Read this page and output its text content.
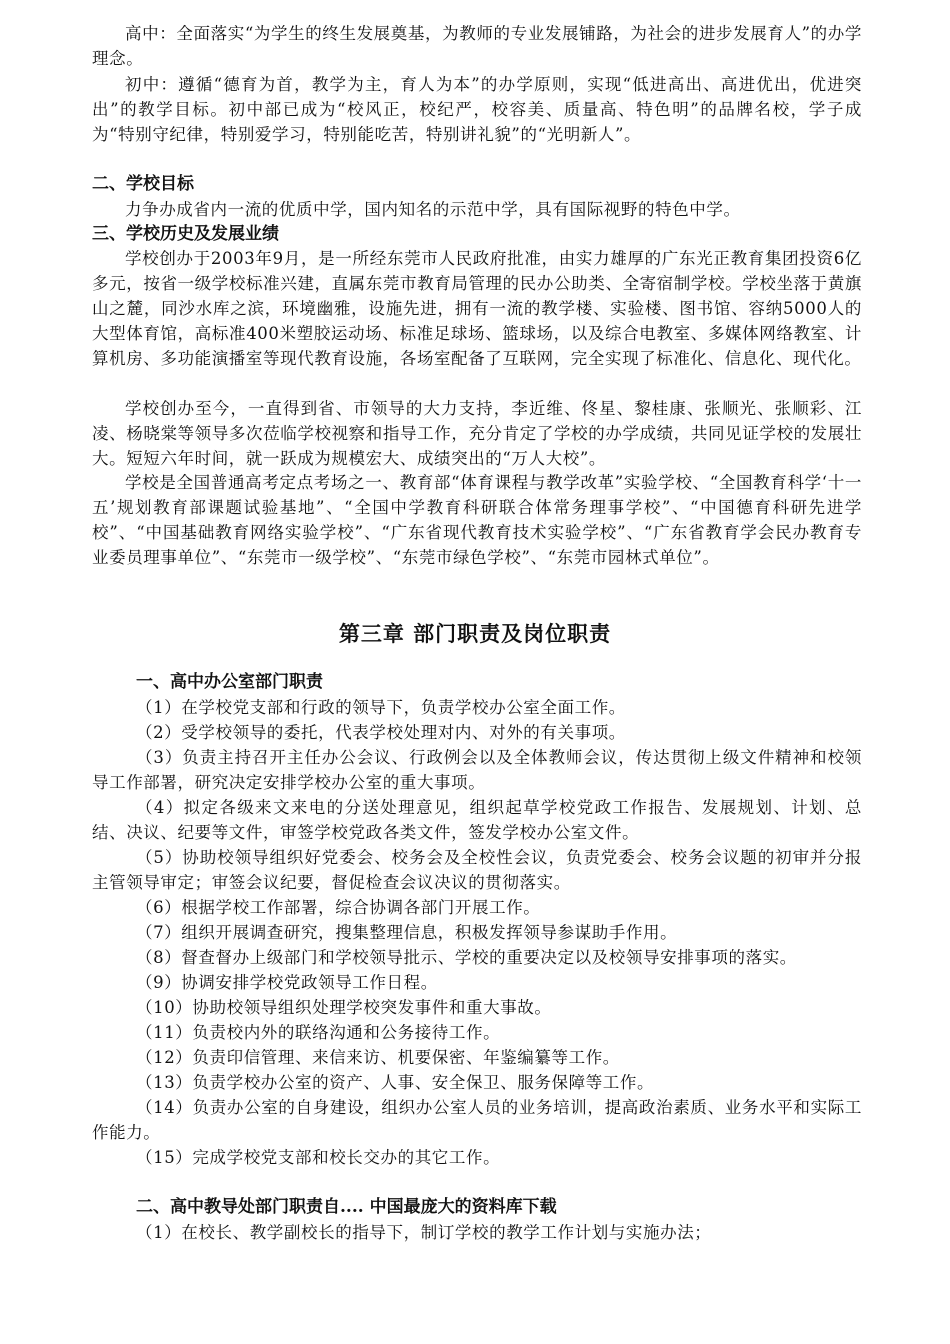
高中：全面落实“为学生的终生发展奠基，为教师的专业发展铺路，为社会的进步发展育人”的办学理念。

初中：遵循“德育为首，教学为主，育人为本”的办学原则，实现“低进高出、高进优出，优进突出”的教学目标。初中部已成为“校风正，校纪严，校容美、质量高、特色明”的品牌名校，学子成为“特别守纪律，特别爱学习，特别能吃苦，特别讲礼貌”的“光明新人”。

二、学校目标

力争办成省内一流的优质中学，国内知名的示范中学，具有国际视野的特色中学。

三、学校历史及发展业绩

学校创办于2003年9月，是一所经东莞市人民政府批准，由实力雄厚的广东光正教育集团投资6亿多元，按省一级学校标准兴建，直属东莞市教育局管理的民办公助类、全寄宿制学校。学校坐落于黄旗山之麓，同沙水库之滨，环境幽雅，设施先进，拥有一流的教学楼、实验楼、图书馆、容纳5000人的大型体育馆，高标准400米塑胶运动场、标准足球场、篮球场，以及综合电教室、多媒体网络教室、计算机房、多功能演播室等现代教育设施，各场室配备了互联网，完全实现了标准化、信息化、现代化。

学校创办至今，一直得到省、市领导的大力支持，李近维、佟星、黎桂康、张顺光、张顺彩、江凌、杨晓棠等领导多次莅临学校视察和指导工作，充分肯定了学校的办学成绩，共同见证学校的发展壮大。短短六年时间，就一跃成为规模宏大、成绩突出的“万人大校”。

学校是全国普通高考定点考场之一、教育部“体育课程与教学改革”实验学校、“全国教育科学‘十一五’规划教育部课题试验基地”、“全国中学教育科研联合体常务理事学校”、“中国德育科研先进学校”、“中国基础教育网络实验学校”、“广东省现代教育技术实验学校”、“广东省教育学会民办教育专业委员理事单位”、“东莞市一级学校”、“东莞市绿色学校”、“东莞市园林式单位”。

第三章 部门职责及岗位职责

一、高中办公室部门职责

（1）在学校党支部和行政的领导下，负责学校办公室全面工作。

（2）受学校领导的委托，代表学校处理对内、对外的有关事项。

（3）负责主持召开主任办公会议、行政例会以及全体教师会议，传达贯彻上级文件精神和校领导工作部署，研究决定安排学校办公室的重大事项。

（4）拟定各级来文来电的分送处理意见，组织起草学校党政工作报告、发展规划、计划、总结、决议、纪要等文件，审签学校党政各类文件，签发学校办公室文件。

（5）协助校领导组织好党委会、校务会及全校性会议，负责党委会、校务会议题的初审并分报主管领导审定；审签会议纪要，督促检查会议决议的贯彻落实。

（6）根据学校工作部署，综合协调各部门开展工作。

（7）组织开展调查研究，搜集整理信息，积极发挥领导参谋助手作用。

（8）督查督办上级部门和学校领导批示、学校的重要决定以及校领导安排事项的落实。

（9）协调安排学校党政领导工作日程。

（10）协助校领导组织处理学校突发事件和重大事故。

（11）负责校内外的联络沟通和公务接待工作。

（12）负责印信管理、来信来访、机要保密、年鉴编纂等工作。

（13）负责学校办公室的资产、人事、安全保卫、服务保障等工作。

（14）负责办公室的自身建设，组织办公室人员的业务培训，提高政治素质、业务水平和实际工作能力。

（15）完成学校党支部和校长交办的其它工作。

二、高中教导处部门职责自.... 中国最庞大的资料库下载

（1）在校长、教学副校长的指导下，制订学校的教学工作计划与实施办法；
